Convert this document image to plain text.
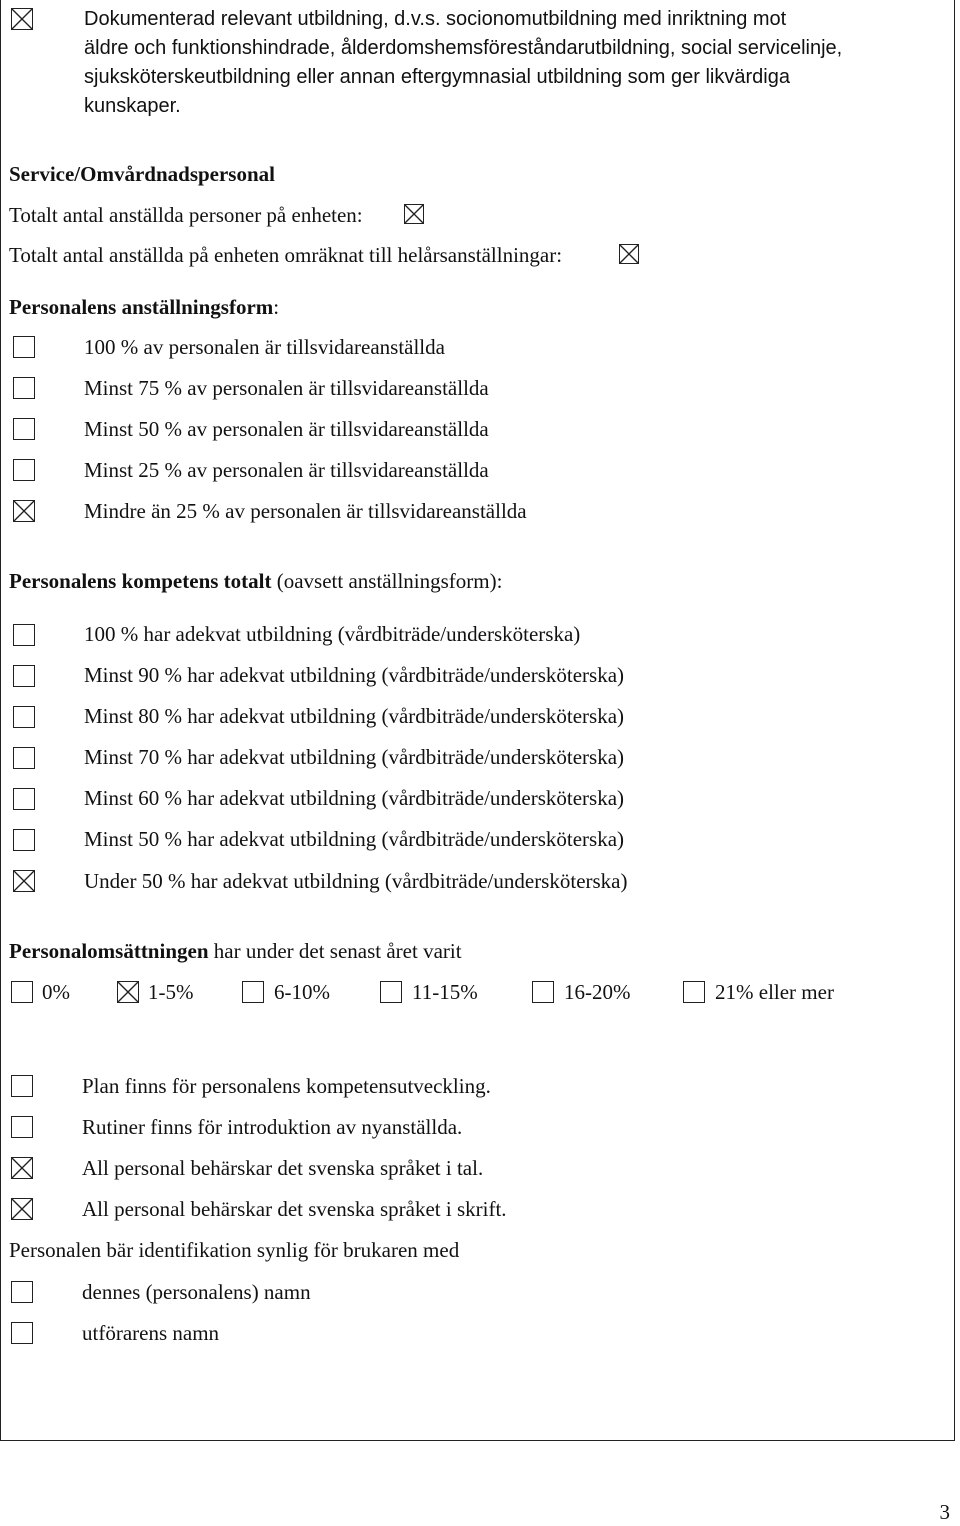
Dokumenterad relevant utbildning, d.v.s. socionomutbildning med inriktning mot
äldre och funktionshindrade, ålderdomshemsföreståndarutbildning, social servicelinje,
sjuksköterskeutbildning eller annan eftergymnasial utbildning som ger likvärdiga
kunskaper.
Service/Omvårdnadspersonal
Totalt antal anställda personer på enheten:
Totalt antal anställda på enheten omräknat till helårsanställningar:
Personalens anställningsform:
100 % av personalen är tillsvidareanställda
Minst 75 % av personalen är tillsvidareanställda
Minst 50 % av personalen är tillsvidareanställda
Minst 25 % av personalen är tillsvidareanställda
Mindre än 25 % av personalen är tillsvidareanställda
Personalens kompetens totalt (oavsett anställningsform):
100 % har adekvat utbildning (vårdbiträde/undersköterska)
Minst 90 % har adekvat utbildning (vårdbiträde/undersköterska)
Minst 80 % har adekvat utbildning (vårdbiträde/undersköterska)
Minst 70 % har adekvat utbildning (vårdbiträde/undersköterska)
Minst 60 % har adekvat utbildning (vårdbiträde/undersköterska)
Minst 50 % har adekvat utbildning (vårdbiträde/undersköterska)
Under 50 % har adekvat utbildning (vårdbiträde/undersköterska)
Personalomsättningen har under det senast året varit
0%	1-5%	6-10%	11-15%	16-20%	21% eller mer
Plan finns för personalens kompetensutveckling.
Rutiner finns för introduktion av nyanställda.
All personal behärskar det svenska språket i tal.
All personal behärskar det svenska språket i skrift.
Personalen bär identifikation synlig för brukaren med
dennes (personalens) namn
utförarens namn
3
